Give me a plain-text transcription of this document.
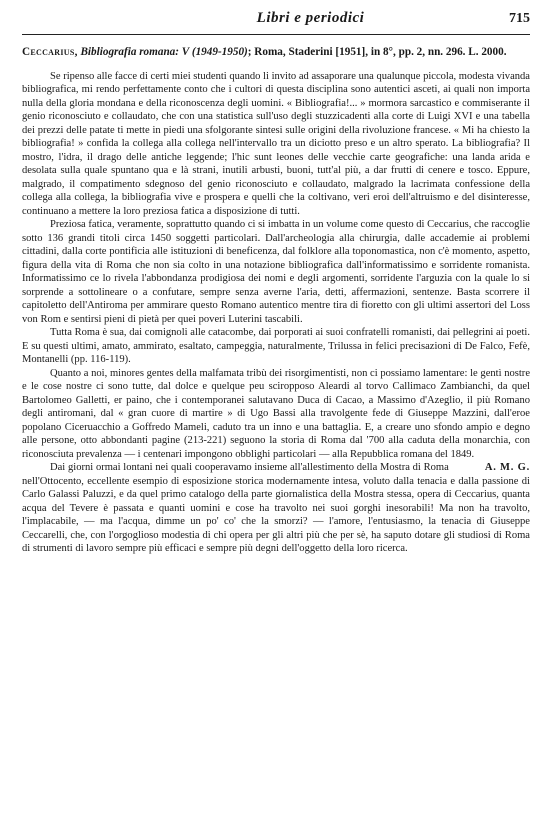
Libri e periodici	715
Ceccarius, Bibliografia romana: V (1949-1950); Roma, Staderini [1951], in 8°, pp. 2, nn. 296. L. 2000.

Se ripenso alle facce di certi miei studenti quando li invito ad assaporare una qualunque piccola, modesta vivanda bibliografica, mi rendo perfettamente conto che i cultori di questa disciplina sono autentici asceti, ai quali non importa nulla della gloria mondana e della riconoscenza degli uomini. « Bibliografia!... » mormora sarcastico e commiserante il genio riconosciuto e collaudato, che con una statistica sull'uso degli stuzzicadenti alla corte di Luigi XVI e una tabella dei prezzi delle patate ti mette in piedi una sfolgorante sintesi sulle origini della rivoluzione francese. « Mi ha chiesto la bibliografia! » confida la collega alla collega nell'intervallo tra un diciotto preso e un altro sperato. La bibliografia? Il mostro, l'idra, il drago delle antiche leggende; l'hic sunt leones delle vecchie carte geografiche: una landa arida e desolata sulla quale spuntano qua e là strani, inutili arbusti, buoni, tutt'al più, a dar frutti di cenere e tosco. Eppure, malgrado, il compatimento sdegnoso del genio riconosciuto e collaudato, malgrado la lacrimata confessione della collega alla collega, la bibliografia vive e prospera e quelli che la coltivano, veri eroi dell'altruismo e del disinteresse, continuano a mettere la loro preziosa fatica a disposizione di tutti.

Preziosa fatica, veramente, soprattutto quando ci si imbatta in un volume come questo di Ceccarius, che raccoglie sotto 136 grandi titoli circa 1450 soggetti particolari. Dall'archeologia alla chirurgia, dalle accademie ai problemi cittadini, dalla corte pontificia alle istituzioni di beneficenza, dal folklore alla toponomastica, non c'è momento, aspetto, figura della vita di Roma che non sia colto in una notazione bibliografica dall'informatissimo e sorridente romanista. Informatissimo ce lo rivela l'abbondanza prodigiosa dei nomi e degli argomenti, sorridente l'arguzia con la quale lo si sorprende a sottolineare o a confutare, sempre senza averne l'aria, detti, affermazioni, sentenze. Basta scorrere il capitoletto dell'Antiroma per ammirare questo Romano autentico mentre tira di fioretto con gli ultimi assertori del Loss von Rom e sentirsi pieni di pietà per quei poveri Luterini tascabili.

Tutta Roma è sua, dai comignoli alle catacombe, dai porporati ai suoi confratelli romanisti, dai pellegrini ai poeti. E su questi ultimi, amato, ammirato, esaltato, campeggia, naturalmente, Trilussa in felici precisazioni di De Falco, Fefè, Montanelli (pp. 116-119).

Quanto a noi, minores gentes della malfamata tribù dei risorgimentisti, non ci possiamo lamentare: le gentì nostre e le cose nostre ci sono tutte, dal dolce e quelque peu sciropposo Aleardi al torvo Callimaco Zambianchi, da quel Bartolomeo Galletti, er paino, che i contemporanei salutavano Duca di Cacao, a Massimo d'Azeglio, il più Romano degli antiromani, dal « gran cuore di martire » di Ugo Bassi alla travolgente fede di Giuseppe Mazzini, dall'eroe popolano Ciceruacchio a Goffredo Mameli, caduto tra un inno e una battaglia. E, a creare uno sfondo ampio e degno alle persone, otto abbondanti pagine (213-221) seguono la storia di Roma dal '700 alla caduta della monarchia, con riconosciuta prevalenza — i centenari impongono obblighi particolari — alla Repubblica romana del 1849.

A. M. G.
Dai giorni ormai lontani nei quali cooperavamo insieme all'allestimento della Mostra di Roma nell'Ottocento, eccellente esempio di esposizione storica modernamente intesa, voluto dalla tenacia e dalla passione di Carlo Galassi Paluzzi, e da quel primo catalogo della parte giornalistica della Mostra stessa, opera di Ceccarius, quanta acqua del Tevere è passata e quanti uomini e cose ha travolto nei suoi gorghi inesorabili! Ma non ha travolto, l'implacabile, — ma l'acqua, dimme un po' co' che la smorzi? — l'amore, l'entusiasmo, la tenacia di Giuseppe Ceccarelli, che, con l'orgoglioso modestia di chi opera per gli altri più che per sè, ha saputo dotare gli studiosi di Roma di strumenti di lavoro sempre più efficaci e sempre più degni dell'oggetto della loro ricerca.
